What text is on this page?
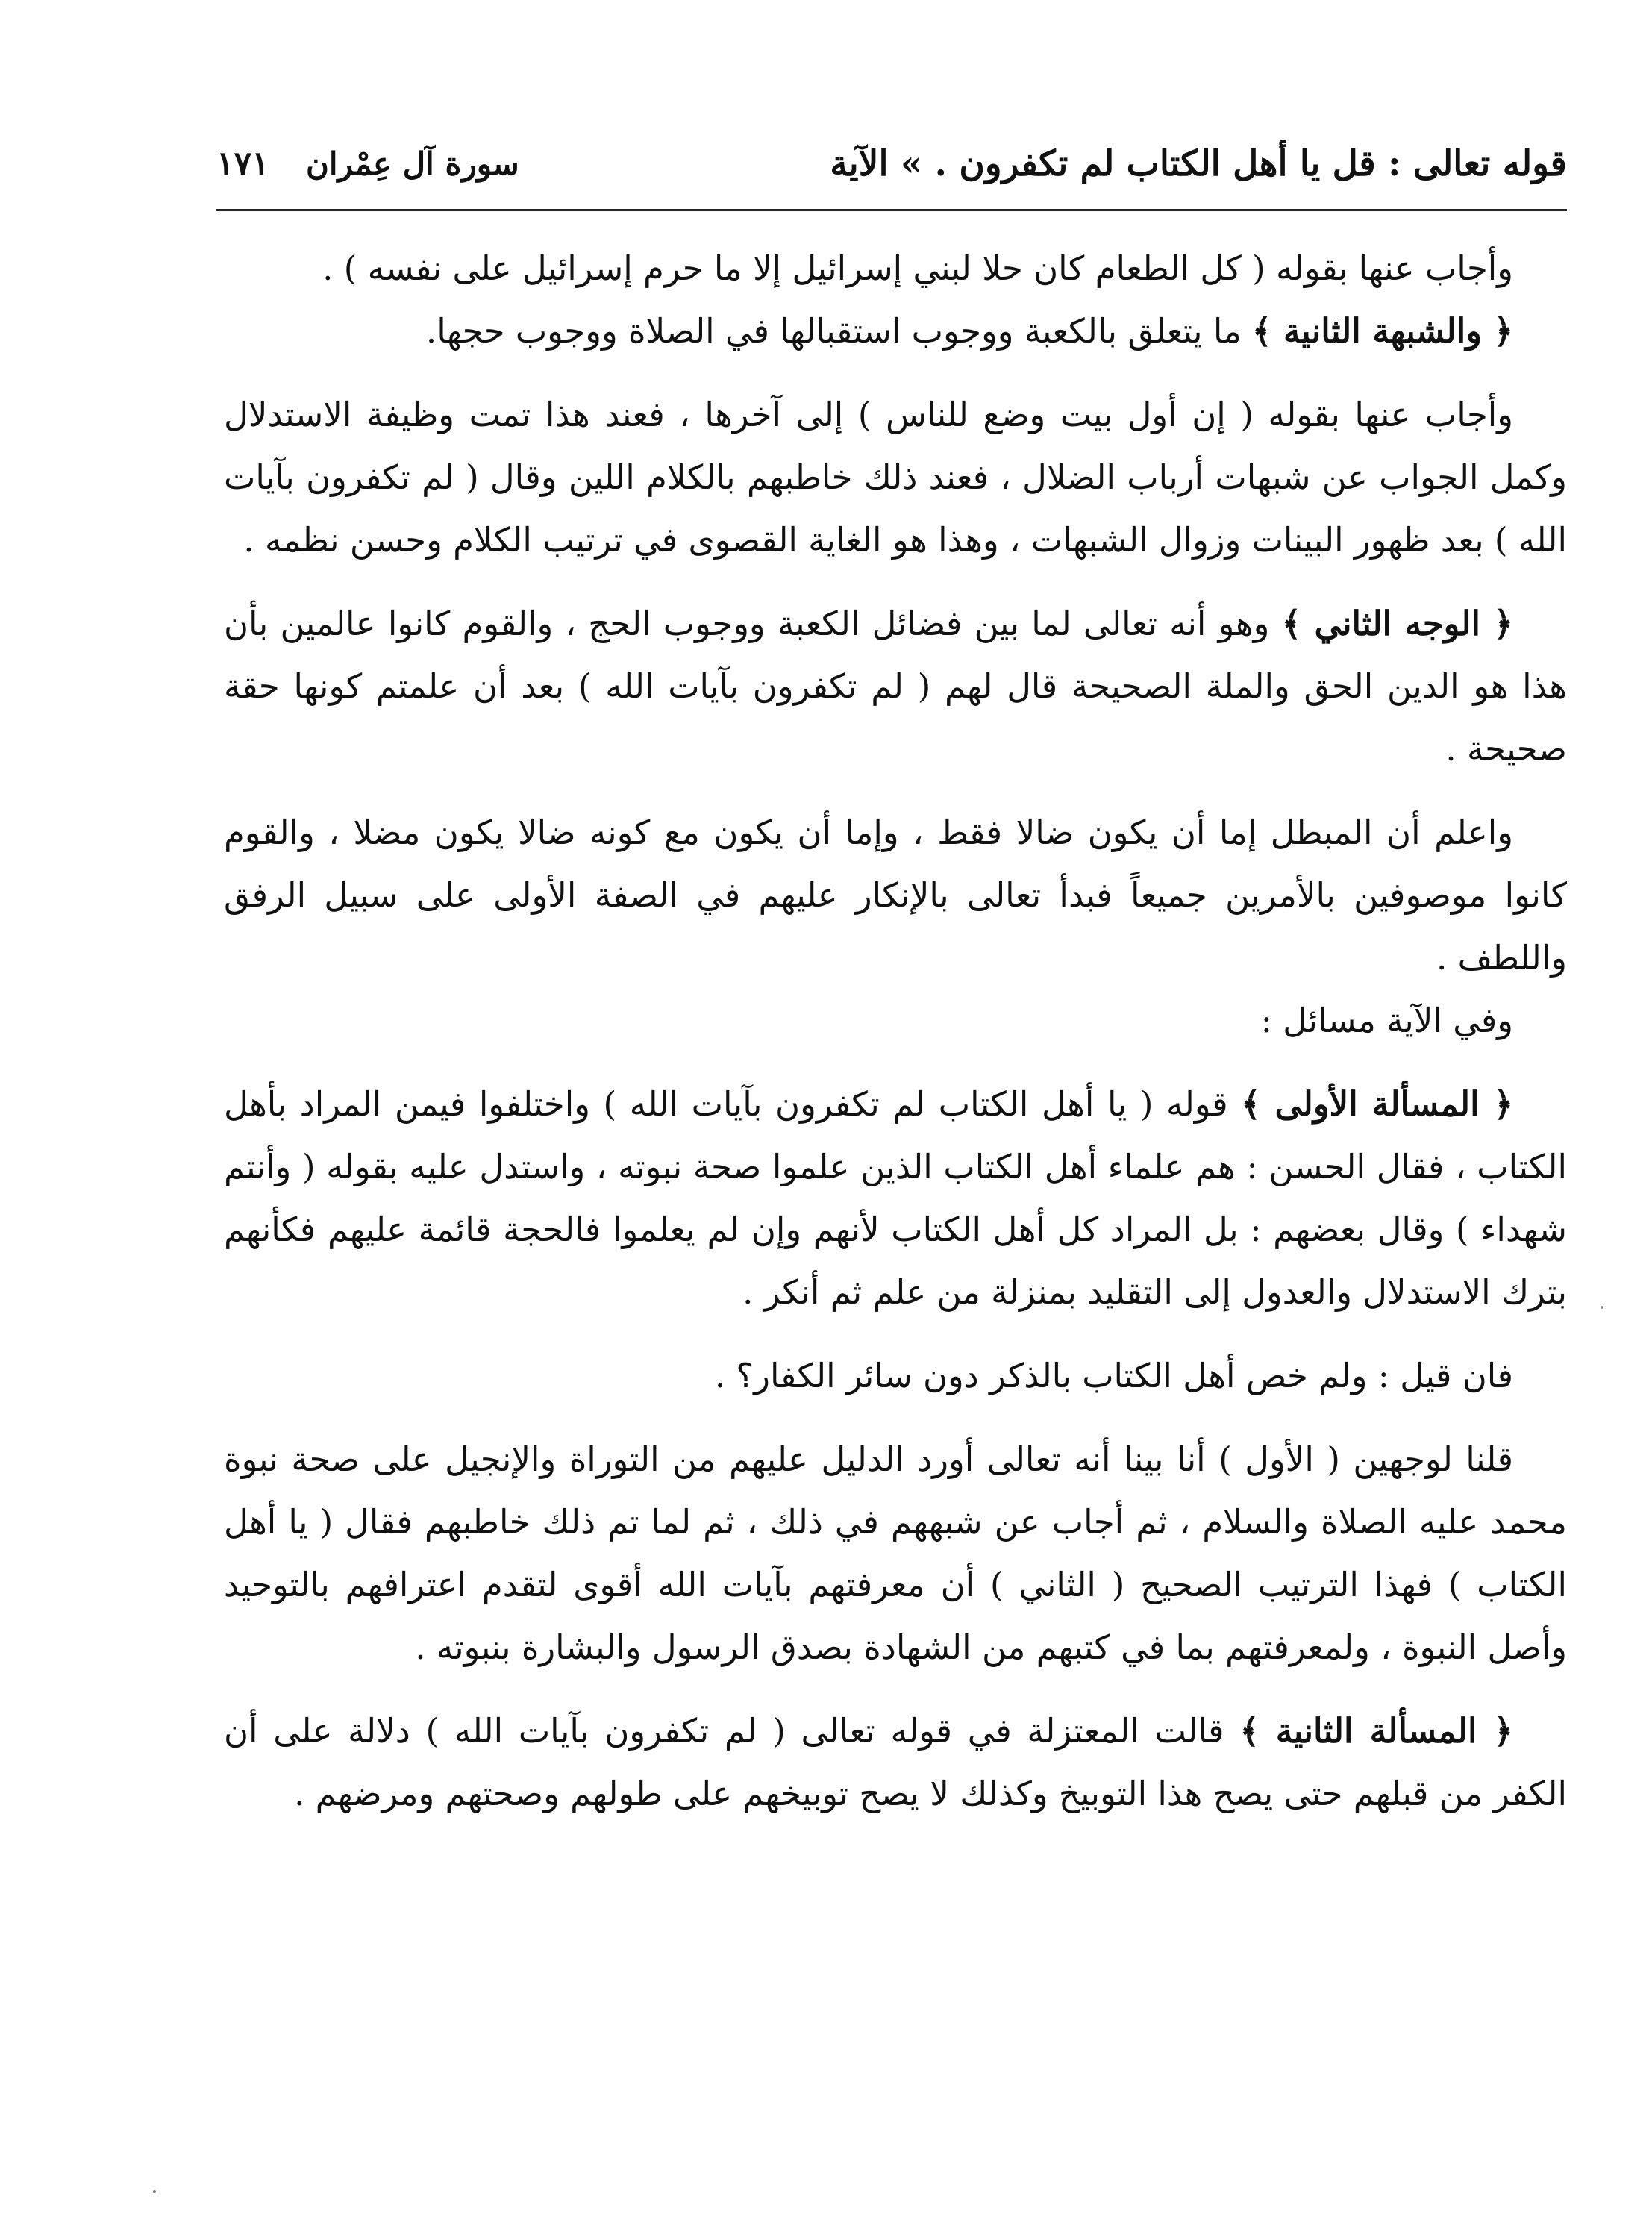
قوله تعالى : قل يا أهل الكتاب لم تكفرون . » الآية
سورة آل عِمْران
١٧١

وأجاب عنها بقوله ( كل الطعام كان حلا لبني إسرائيل إلا ما حرم إسرائيل على نفسه ) .

﴿ والشبهة الثانية ﴾ ما يتعلق بالكعبة ووجوب استقبالها في الصلاة ووجوب حجها.

وأجاب عنها بقوله ( إن أول بيت وضع للناس ) إلى آخرها ، فعند هذا تمت وظيفة الاستدلال وكمل الجواب عن شبهات أرباب الضلال ، فعند ذلك خاطبهم بالكلام اللين وقال ( لم تكفرون بآيات الله ) بعد ظهور البينات وزوال الشبهات ، وهذا هو الغاية القصوى في ترتيب الكلام وحسن نظمه .

﴿ الوجه الثاني ﴾ وهو أنه تعالى لما بين فضائل الكعبة ووجوب الحج ، والقوم كانوا عالمين بأن هذا هو الدين الحق والملة الصحيحة قال لهم ( لم تكفرون بآيات الله ) بعد أن علمتم كونها حقة صحيحة .

واعلم أن المبطل إما أن يكون ضالا فقط ، وإما أن يكون مع كونه ضالا يكون مضلا ، والقوم كانوا موصوفين بالأمرين جميعاً فبدأ تعالى بالإنكار عليهم في الصفة الأولى على سبيل الرفق واللطف .

وفي الآية مسائل :

﴿ المسألة الأولى ﴾ قوله ( يا أهل الكتاب لم تكفرون بآيات الله ) واختلفوا فيمن المراد بأهل الكتاب ، فقال الحسن : هم علماء أهل الكتاب الذين علموا صحة نبوته ، واستدل عليه بقوله ( وأنتم شهداء ) وقال بعضهم : بل المراد كل أهل الكتاب لأنهم وإن لم يعلموا فالحجة قائمة عليهم فكأنهم بترك الاستدلال والعدول إلى التقليد بمنزلة من علم ثم أنكر .

فان قيل : ولم خص أهل الكتاب بالذكر دون سائر الكفار؟ .

قلنا لوجهين ( الأول ) أنا بينا أنه تعالى أورد الدليل عليهم من التوراة والإنجيل على صحة نبوة محمد عليه الصلاة والسلام ، ثم أجاب عن شبههم في ذلك ، ثم لما تم ذلك خاطبهم فقال ( يا أهل الكتاب ) فهذا الترتيب الصحيح ( الثاني ) أن معرفتهم بآيات الله أقوى لتقدم اعترافهم بالتوحيد وأصل النبوة ، ولمعرفتهم بما في كتبهم من الشهادة بصدق الرسول والبشارة بنبوته .

﴿ المسألة الثانية ﴾ قالت المعتزلة في قوله تعالى ( لم تكفرون بآيات الله ) دلالة على أن الكفر من قبلهم حتى يصح هذا التوبيخ وكذلك لا يصح توبيخهم على طولهم وصحتهم ومرضهم .
